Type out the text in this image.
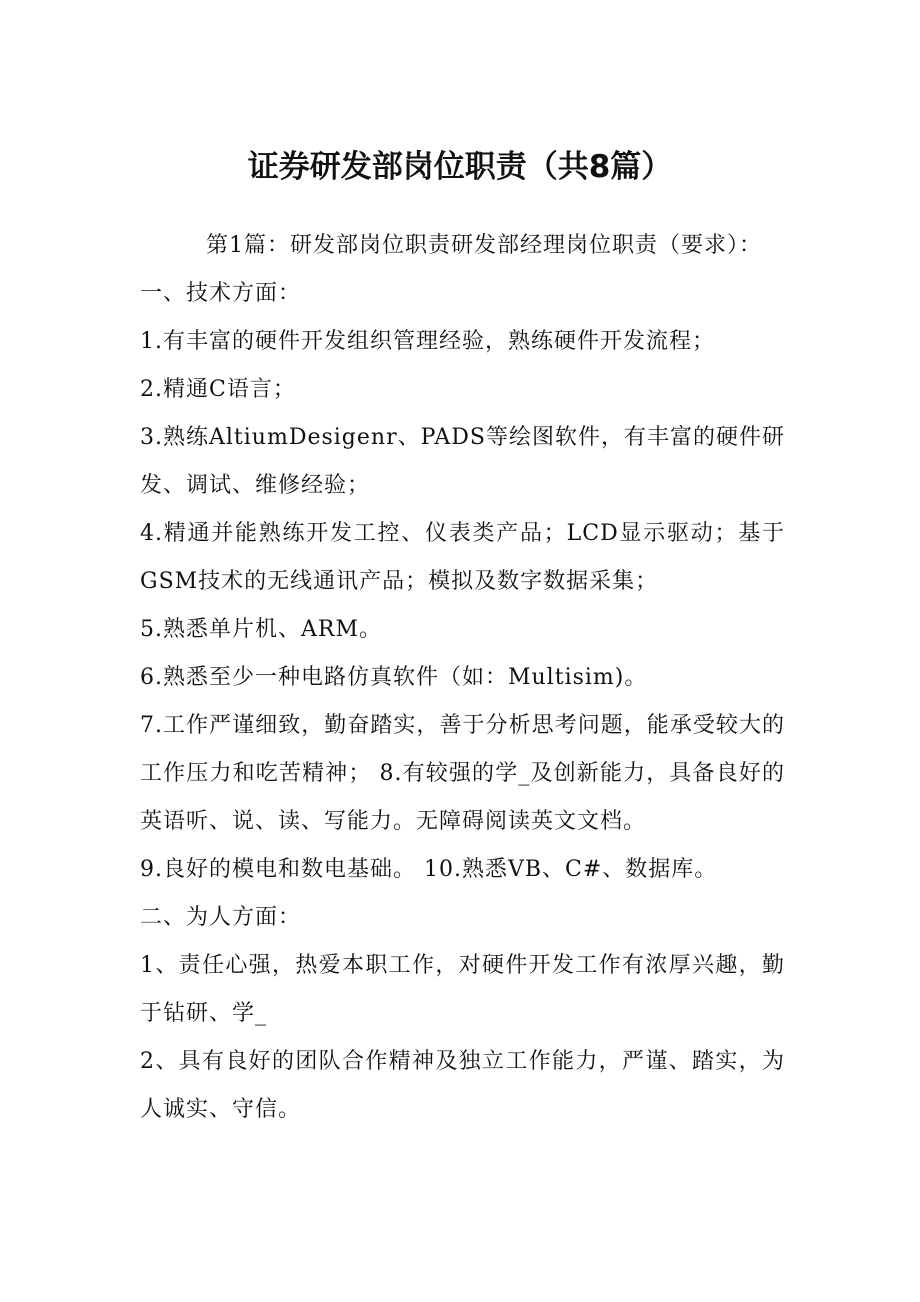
证券研发部岗位职责（共8篇）

第1篇：研发部岗位职责研发部经理岗位职责（要求）：

一、技术方面：

1.有丰富的硬件开发组织管理经验，熟练硬件开发流程；

2.精通C语言；

3.熟练AltiumDesigenr、PADS等绘图软件，有丰富的硬件研发、调试、维修经验；

4.精通并能熟练开发工控、仪表类产品；LCD显示驱动；基于GSM技术的无线通讯产品；模拟及数字数据采集；

5.熟悉单片机、ARM。

6.熟悉至少一种电路仿真软件（如：Multisim)。

7.工作严谨细致，勤奋踏实，善于分析思考问题，能承受较大的工作压力和吃苦精神； 8.有较强的学_及创新能力，具备良好的英语听、说、读、写能力。无障碍阅读英文文档。

9.良好的模电和数电基础。 10.熟悉VB、C#、数据库。

二、为人方面：

1、责任心强，热爱本职工作，对硬件开发工作有浓厚兴趣，勤于钻研、学_

2、具有良好的团队合作精神及独立工作能力，严谨、踏实，为人诚实、守信。
